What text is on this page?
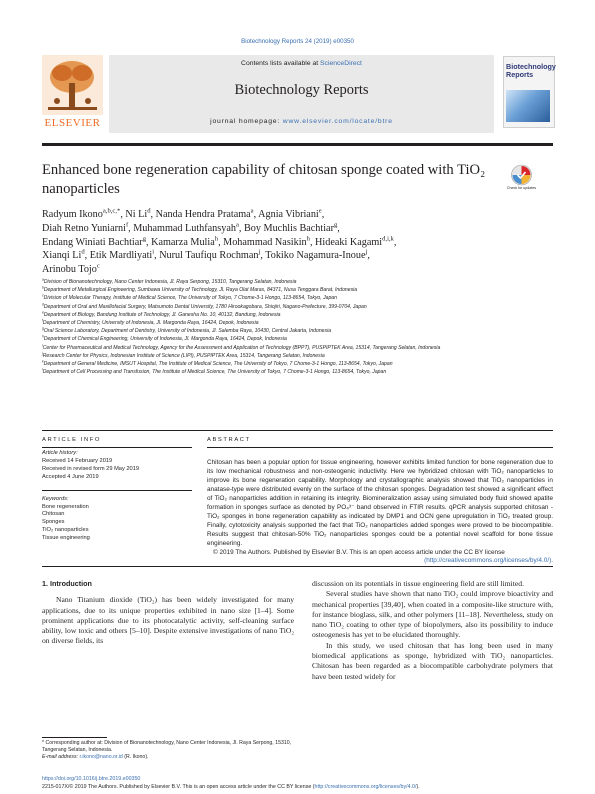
Biotechnology Reports 24 (2019) e00350
ELSEVIER
Contents lists available at ScienceDirect
Biotechnology Reports
journal homepage: www.elsevier.com/locate/btre
Biotechnology Reports
Enhanced bone regeneration capability of chitosan sponge coated with TiO₂ nanoparticles	Check for updates
Radyum Ikono$^{a,b,c,*}$, Ni Li$^d$, Nanda Hendra Pratama$^a$, Agnia Vibriani$^e$,
Diah Retno Yuniarni$^f$, Muhammad Luthfansyah$^a$, Boy Muchlis Bachtiar$^g$,
Endang Winiati Bachtiar$^g$, Kamarza Mulia$^h$, Mohammad Nasikin$^h$, Hideaki Kagami$^{d,i,k}$,
Xianqi Li$^d$, Etik Mardliyati$^i$, Nurul Taufiqu Rochman$^j$, Tokiko Nagamura-Inoue$^j$,
Arinobu Tojo$^c$
$^a$Division of Bionanotechnology, Nano Center Indonesia, Jl. Raya Serpong, 15310, Tangerang Selatan, Indonesia
$^b$Department of Metallurgical Engineering, Sumbawa University of Technology, Jl. Raya Olat Maras, 84371, Nusa Tenggara Barat, Indonesia
$^c$Division of Molecular Therapy, Institute of Medical Science, The University of Tokyo, 7 Chome-3-1 Hongo, 113-8654, Tokyo, Japan
$^d$Department of Oral and Maxillofacial Surgery, Matsumoto Dental University, 1780 Hirookagobara, Shiojiri, Nagano-Prefecture, 399-0704, Japan
$^e$Department of Biology, Bandung Institute of Technology, Jl. Ganesha No. 10, 40132, Bandung, Indonesia
$^f$Department of Chemistry, University of Indonesia, Jl. Margonda Raya, 16424, Depok, Indonesia
$^g$Oral Science Laboratory, Department of Dentistry, University of Indonesia, Jl. Salemba Raya, 10430, Central Jakarta, Indonesia
$^h$Department of Chemical Engineering, University of Indonesia, Jl. Margonda Raya, 16424, Depok, Indonesia
$^i$Center for Pharmaceutical and Medical Technology, Agency for the Assessment and Application of Technology (BPPT), PUSPIPTEK Area, 15314, Tangerang Selatan, Indonesia
$^j$Research Center for Physics, Indonesian Institute of Science (LIPI), PUSPIPTEK Area, 15314, Tangerang Selatan, Indonesia
$^k$Department of General Medicine, IMSUT Hospital, The Institute of Medical Science, The University of Tokyo, 7 Chome-3-1 Hongo, 113-8654, Tokyo, Japan
$^l$Department of Cell Processing and Transfusion, The Institute of Medical Science, The University of Tokyo, 7 Chome-3-1 Hongo, 113-8654, Tokyo, Japan
ARTICLE INFO
Article history:
Received 14 February 2019
Received in revised form 29 May 2019
Accepted 4 June 2019
Keywords:
Bone regeneration
Chitosan
Sponges
TiO₂ nanoparticles
Tissue engineering
ABSTRACT
Chitosan has been a popular option for tissue engineering, however exhibits limited function for bone regeneration due to its low mechanical robustness and non-osteogenic inductivity. Here we hybridized chitosan with TiO₂ nanoparticles to improve its bone regeneration capability. Morphology and crystallographic analysis showed that TiO₂ nanoparticles in anatase-type were distributed evenly on the surface of the chitosan sponges. Degradation test showed a significant effect of TiO₂ nanoparticles addition in retaining its integrity. Biomineralization assay using simulated body fluid showed apatite formation in sponges surface as denoted by PO₄³⁻ band observed in FTIR results. qPCR analysis supported chitosan -TiO₂ sponges in bone regeneration capability as indicated by DMP1 and OCN gene upregulation in TiO₂ treated group. Finally, cytotoxicity analysis supported the fact that TiO₂ nanoparticles added sponges were proved to be biocompatible. Results suggest that chitosan-50% TiO₂ nanoparticles sponges could be a potential novel scaffold for bone tissue engineering.
© 2019 The Authors. Published by Elsevier B.V. This is an open access article under the CC BY license
(http://creativecommons.org/licenses/by/4.0/).
1. Introduction

Nano Titanium dioxide (TiO₂) has been widely investigated for many applications, due to its unique properties exhibited in nano size [1–4]. Some prominent applications due to its photocatalytic activity, self-cleaning surface ability, low toxic and others [5–10]. Despite extensive investigations of nano TiO₂ on diverse fields, its

discussion on its potentials in tissue engineering field are still limited.

Several studies have shown that nano TiO₂ could improve bioactivity and mechanical properties [39,40], when coated in a composite-like structure with, for instance bioglass, silk, and other polymers [11–18]. Nevertheless, study on nano TiO₂ coating to other type of biopolymers, also its possibility to induce osteogenesis has yet to be elucidated thoroughly.

In this study, we used chitosan that has long been used in many biomedical applications as sponge, hybridized with TiO₂ nanoparticles. Chitosan has been regarded as a biocompatible carbohydrate polymers that have been tested widely for

* Corresponding author at: Division of Bionanotechnology, Nano Center Indonesia, Jl. Raya Serpong, 15310, Tangerang Selatan, Indonesia.
E-mail address: r.ikono@nano.or.id (R. Ikono).
https://doi.org/10.1016/j.btre.2019.e00350
2215-017X/© 2019 The Authors. Published by Elsevier B.V. This is an open access article under the CC BY license (http://creativecommons.org/licenses/by/4.0/).
